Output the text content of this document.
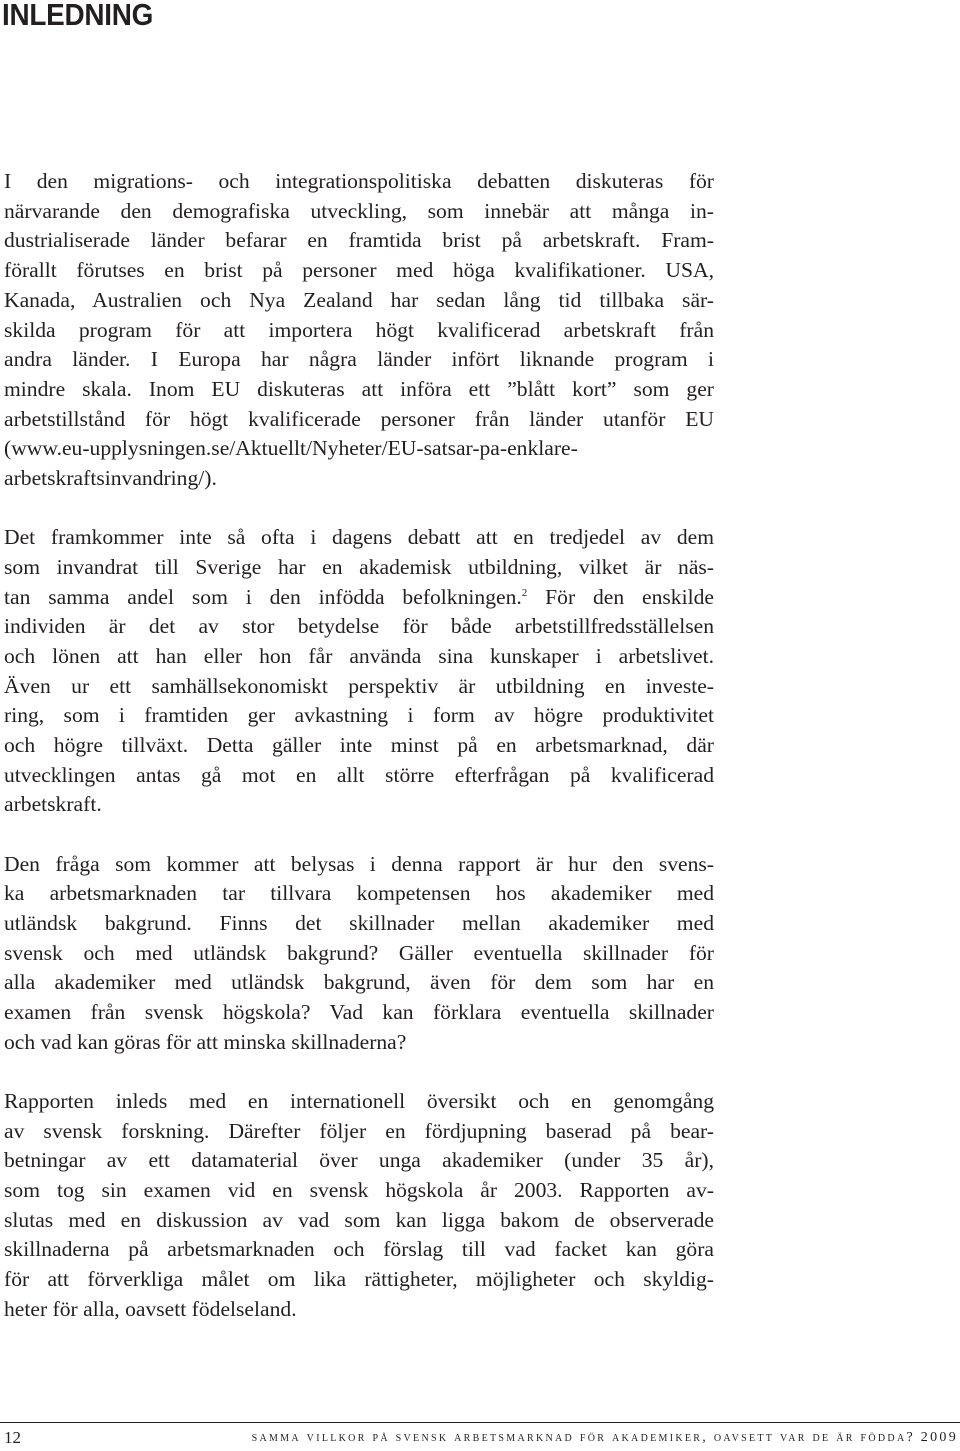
INLEDNING

I den migrations- och integrationspolitiska debatten diskuteras för
närvarande den demografiska utveckling, som innebär att många in-
dustrialiserade länder befarar en framtida brist på arbetskraft. Fram-
förallt förutses en brist på personer med höga kvalifikationer. USA,
Kanada, Australien och Nya Zealand har sedan lång tid tillbaka sär-
skilda program för att importera högt kvalificerad arbetskraft från
andra länder. I Europa har några länder infört liknande program i
mindre skala. Inom EU diskuteras att införa ett ”blått kort” som ger
arbetstillstånd för högt kvalificerade personer från länder utanför EU
(www.eu-upplysningen.se/Aktuellt/Nyheter/EU-satsar-pa-enklare-
arbetskraftsinvandring/).

Det framkommer inte så ofta i dagens debatt att en tredjedel av dem
som invandrat till Sverige har en akademisk utbildning, vilket är näs-
tan samma andel som i den infödda befolkningen.$^2$ För den enskilde
individen är det av stor betydelse för både arbetstillfredsställelsen
och lönen att han eller hon får använda sina kunskaper i arbetslivet.
Även ur ett samhällsekonomiskt perspektiv är utbildning en investe-
ring, som i framtiden ger avkastning i form av högre produktivitet
och högre tillväxt. Detta gäller inte minst på en arbetsmarknad, där
utvecklingen antas gå mot en allt större efterfrågan på kvalificerad
arbetskraft.

Den fråga som kommer att belysas i denna rapport är hur den svens-
ka arbetsmarknaden tar tillvara kompetensen hos akademiker med
utländsk bakgrund. Finns det skillnader mellan akademiker med
svensk och med utländsk bakgrund? Gäller eventuella skillnader för
alla akademiker med utländsk bakgrund, även för dem som har en
examen från svensk högskola? Vad kan förklara eventuella skillnader
och vad kan göras för att minska skillnaderna?

Rapporten inleds med en internationell översikt och en genomgång
av svensk forskning. Därefter följer en fördjupning baserad på bear-
betningar av ett datamaterial över unga akademiker (under 35 år),
som tog sin examen vid en svensk högskola år 2003. Rapporten av-
slutas med en diskussion av vad som kan ligga bakom de observerade
skillnaderna på arbetsmarknaden och förslag till vad facket kan göra
för att förverkliga målet om lika rättigheter, möjligheter och skyldig-
heter för alla, oavsett födelseland.

12	samma villkor på svensk arbetsmarknad för akademiker, oavsett var de är födda? 2009
